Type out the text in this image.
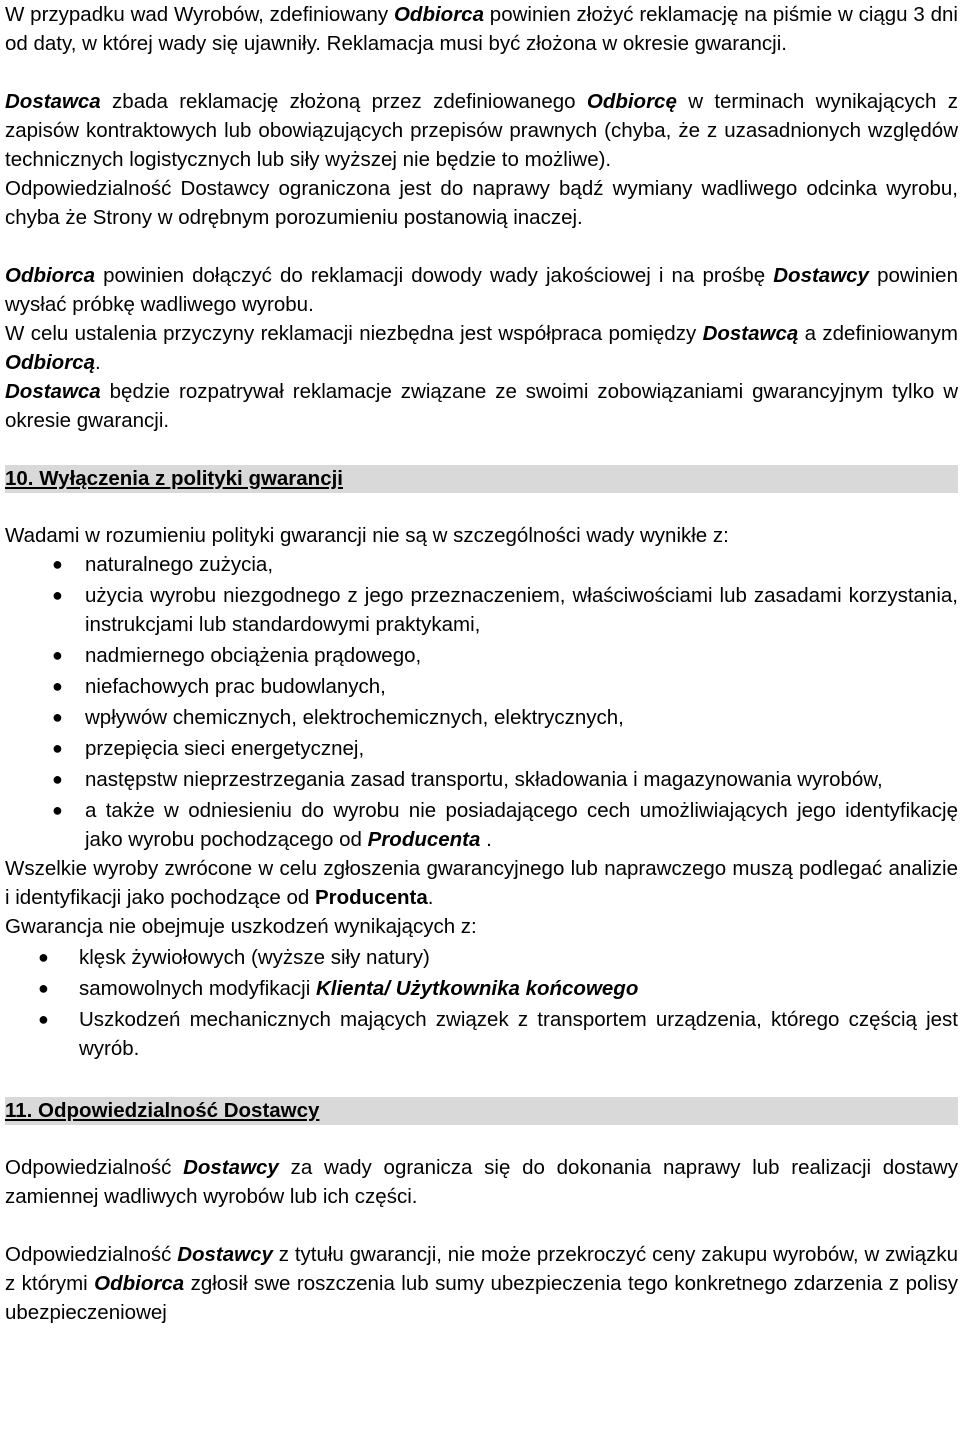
W przypadku wad Wyrobów, zdefiniowany Odbiorca powinien złożyć reklamację na piśmie w ciągu 3 dni od daty, w której wady się ujawniły. Reklamacja musi być złożona w okresie gwarancji.

Dostawca zbada reklamację złożoną przez zdefiniowanego Odbiorcę w terminach wynikających z zapisów kontraktowych lub obowiązujących przepisów prawnych (chyba, że z uzasadnionych względów technicznych logistycznych lub siły wyższej nie będzie to możliwe).

Odpowiedzialność Dostawcy ograniczona jest do naprawy bądź wymiany wadliwego odcinka wyrobu, chyba że Strony w odrębnym porozumieniu postanowią inaczej.

Odbiorca powinien dołączyć do reklamacji dowody wady jakościowej i na prośbę Dostawcy powinien wysłać próbkę wadliwego wyrobu.

W celu ustalenia przyczyny reklamacji niezbędna jest współpraca pomiędzy Dostawcą a zdefiniowanym Odbiorcą.

Dostawca będzie rozpatrywał reklamacje związane ze swoimi zobowiązaniami gwarancyjnym tylko w okresie gwarancji.

10. Wyłączenia z polityki gwarancji

Wadami w rozumieniu polityki gwarancji nie są w szczególności wady wynikłe z:

● naturalnego zużycia,
● użycia wyrobu niezgodnego z jego przeznaczeniem, właściwościami lub zasadami korzystania, instrukcjami lub standardowymi praktykami,
● nadmiernego obciążenia prądowego,
● niefachowych prac budowlanych,
● wpływów chemicznych, elektrochemicznych, elektrycznych,
● przepięcia sieci energetycznej,
● następstw nieprzestrzegania zasad transportu, składowania i magazynowania wyrobów,
● a także w odniesieniu do wyrobu nie posiadającego cech umożliwiających jego identyfikację jako wyrobu pochodzącego od Producenta .

Wszelkie wyroby zwrócone w celu zgłoszenia gwarancyjnego lub naprawczego muszą podlegać analizie i identyfikacji jako pochodzące od Producenta.

Gwarancja nie obejmuje uszkodzeń wynikających z:

● klęsk żywiołowych (wyższe siły natury)
● samowolnych modyfikacji Klienta/ Użytkownika końcowego
● Uszkodzeń mechanicznych mających związek z transportem urządzenia, którego częścią jest wyrób.
11. Odpowiedzialność Dostawcy

Odpowiedzialność Dostawcy za wady ogranicza się do dokonania naprawy lub realizacji dostawy zamiennej wadliwych wyrobów lub ich części.

Odpowiedzialność Dostawcy z tytułu gwarancji, nie może przekroczyć ceny zakupu wyrobów, w związku z którymi Odbiorca zgłosił swe roszczenia lub sumy ubezpieczenia tego konkretnego zdarzenia z polisy ubezpieczeniowej
